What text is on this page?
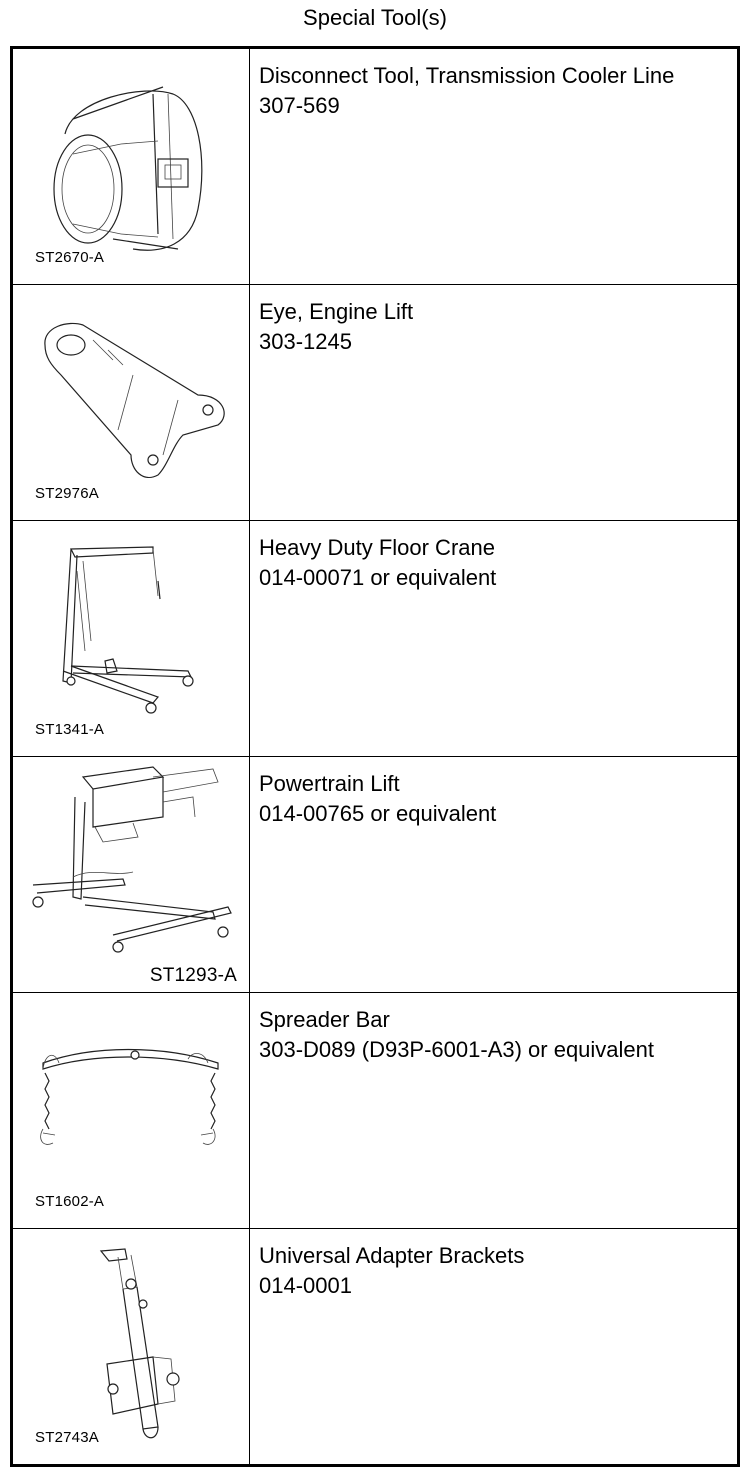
Special Tool(s)
ST2670-A	Disconnect Tool, Transmission Cooler Line
307-569

ST2976A	Eye, Engine Lift
303-1245

ST1341-A	Heavy Duty Floor Crane
014-00071 or equivalent

ST1293-A	Powertrain Lift
014-00765 or equivalent

ST1602-A	Spreader Bar
303-D089 (D93P-6001-A3) or equivalent

ST2743A	Universal Adapter Brackets
014-0001
